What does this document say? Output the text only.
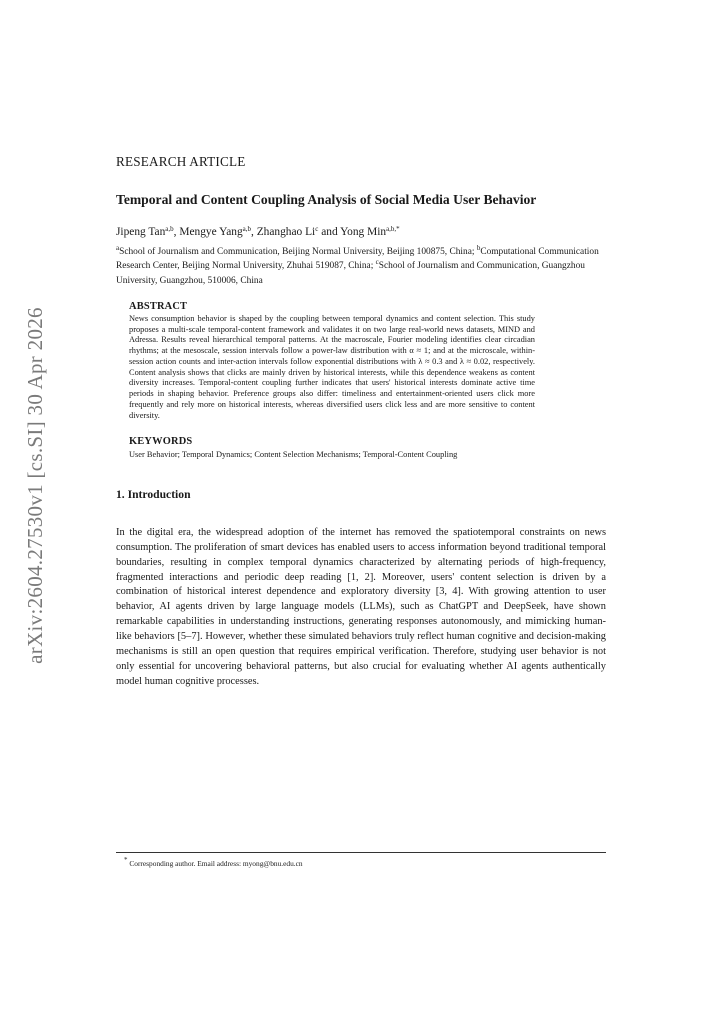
arXiv:2604.27530v1 [cs.SI] 30 Apr 2026
RESEARCH ARTICLE
Temporal and Content Coupling Analysis of Social Media User Behavior
Jipeng Tan$^{a,b}$, Mengye Yang$^{a,b}$, Zhanghao Li$^c$ and Yong Min$^{a,b,*}$
$^a$School of Journalism and Communication, Beijing Normal University, Beijing 100875, China; $^b$Computational Communication Research Center, Beijing Normal University, Zhuhai 519087, China; $^c$School of Journalism and Communication, Guangzhou University, Guangzhou, 510006, China
ABSTRACT

News consumption behavior is shaped by the coupling between temporal dynamics and content selection. This study proposes a multi-scale temporal-content framework and validates it on two large real-world news datasets, MIND and Adressa. Results reveal hierarchical temporal patterns. At the macroscale, Fourier modeling identifies clear circadian rhythms; at the mesoscale, session intervals follow a power-law distribution with α ≈ 1; and at the microscale, within-session action counts and inter-action intervals follow exponential distributions with λ ≈ 0.3 and λ ≈ 0.02, respectively. Content analysis shows that clicks are mainly driven by historical interests, while this dependence weakens as content diversity increases. Temporal-content coupling further indicates that users' historical interests dominate active time periods in shaping behavior. Preference groups also differ: timeliness and entertainment-oriented users click more frequently and rely more on historical interests, whereas diversified users click less and are more sensitive to content diversity.

KEYWORDS

User Behavior; Temporal Dynamics; Content Selection Mechanisms; Temporal-Content Coupling

1. Introduction

In the digital era, the widespread adoption of the internet has removed the spatiotemporal constraints on news consumption. The proliferation of smart devices has enabled users to access information beyond traditional temporal boundaries, resulting in complex temporal dynamics characterized by alternating periods of high-frequency, fragmented interactions and periodic deep reading [1, 2]. Moreover, users' content selection is driven by a combination of historical interest dependence and exploratory diversity [3, 4]. With growing attention to user behavior, AI agents driven by large language models (LLMs), such as ChatGPT and DeepSeek, have shown remarkable capabilities in understanding instructions, generating responses autonomously, and mimicking human-like behaviors [5–7]. However, whether these simulated behaviors truly reflect human cognitive and decision-making mechanisms is still an open question that requires empirical verification. Therefore, studying user behavior is not only essential for uncovering behavioral patterns, but also crucial for evaluating whether AI agents authentically model human cognitive processes.

* Corresponding author. Email address: myong@bnu.edu.cn
